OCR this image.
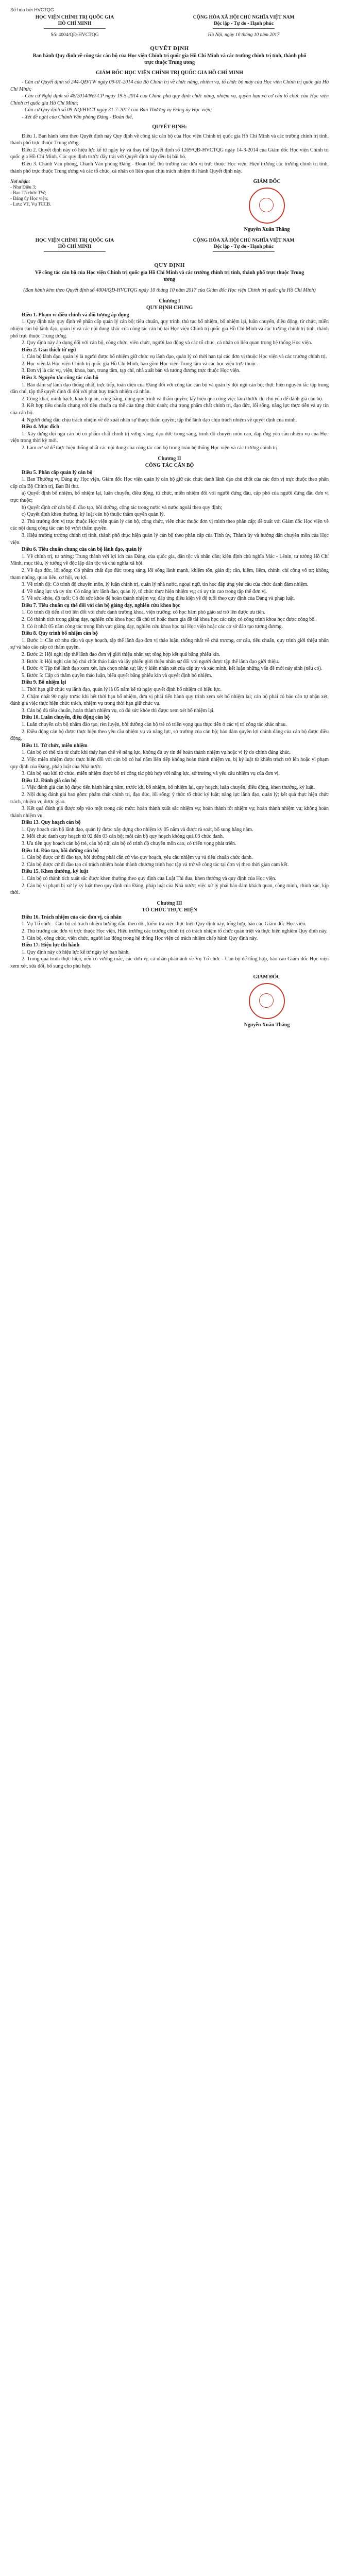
Số hóa bởi HVCTQG
HỌC VIỆN CHÍNH TRỊ QUỐC GIA
HỒ CHÍ MINH
Số: 4004/QĐ-HVCTQG
CỘNG HÒA XÃ HỘI CHỦ NGHĨA VIỆT NAM
Độc lập - Tự do - Hạnh phúc
Hà Nội, ngày 10 tháng 10 năm 2017
QUYẾT ĐỊNH
Ban hành Quy định về công tác cán bộ của Học viện Chính trị quốc gia Hồ Chí Minh và các trường chính trị tỉnh, thành phố trực thuộc Trung ương
GIÁM ĐỐC HỌC VIỆN CHÍNH TRỊ QUỐC GIA HỒ CHÍ MINH

- Căn cứ Quyết định số 244-QĐ/TW ngày 09-01-2014 của Bộ Chính trị về chức năng, nhiệm vụ, tổ chức bộ máy của Học viện Chính trị quốc gia Hồ Chí Minh;

- Căn cứ Nghị định số 48/2014/NĐ-CP ngày 19-5-2014 của Chính phủ quy định chức năng, nhiệm vụ, quyền hạn và cơ cấu tổ chức của Học viện Chính trị quốc gia Hồ Chí Minh;

- Căn cứ Quy định số 09-NQ/HVCT ngày 31-7-2017 của Ban Thường vụ Đảng ủy Học viện;

- Xét đề nghị của Chánh Văn phòng Đảng - Đoàn thể,

QUYẾT ĐỊNH:

Điều 1. Ban hành kèm theo Quyết định này Quy định về công tác cán bộ của Học viện Chính trị quốc gia Hồ Chí Minh và các trường chính trị tỉnh, thành phố trực thuộc Trung ương.

Điều 2. Quyết định này có hiệu lực kể từ ngày ký và thay thế Quyết định số 1269/QĐ-HVCTQG ngày 14-3-2014 của Giám đốc Học viện Chính trị quốc gia Hồ Chí Minh. Các quy định trước đây trái với Quyết định này đều bị bãi bỏ.

Điều 3. Chánh Văn phòng, Chánh Văn phòng Đảng - Đoàn thể, thủ trưởng các đơn vị trực thuộc Học viện, Hiệu trưởng các trường chính trị tỉnh, thành phố trực thuộc Trung ương và các tổ chức, cá nhân có liên quan chịu trách nhiệm thi hành Quyết định này.

Nơi nhận:
- Như Điều 3;
- Ban Tổ chức TW;
- Đảng ủy Học viện;
- Lưu: VT, Vụ TCCB.
GIÁM ĐỐC
Nguyễn Xuân Thắng
HỌC VIỆN CHÍNH TRỊ QUỐC GIA
HỒ CHÍ MINH
CỘNG HÒA XÃ HỘI CHỦ NGHĨA VIỆT NAM
Độc lập - Tự do - Hạnh phúc
QUY ĐỊNH
Về công tác cán bộ của Học viện Chính trị quốc gia Hồ Chí Minh và các trường chính trị tỉnh, thành phố trực thuộc Trung ương

(Ban hành kèm theo Quyết định số 4004/QĐ-HVCTQG ngày 10 tháng 10 năm 2017 của Giám đốc Học viện Chính trị quốc gia Hồ Chí Minh)

Chương I
QUY ĐỊNH CHUNG

Điều 1. Phạm vi điều chỉnh và đối tượng áp dụng

1. Quy định này quy định về phân cấp quản lý cán bộ; tiêu chuẩn, quy trình, thủ tục bổ nhiệm, bổ nhiệm lại, luân chuyển, điều động, từ chức, miễn nhiệm cán bộ lãnh đạo, quản lý và các nội dung khác của công tác cán bộ tại Học viện Chính trị quốc gia Hồ Chí Minh và các trường chính trị tỉnh, thành phố trực thuộc Trung ương.

2. Quy định này áp dụng đối với cán bộ, công chức, viên chức, người lao động và các tổ chức, cá nhân có liên quan trong hệ thống Học viện.

Điều 2. Giải thích từ ngữ

1. Cán bộ lãnh đạo, quản lý là người được bổ nhiệm giữ chức vụ lãnh đạo, quản lý có thời hạn tại các đơn vị thuộc Học viện và các trường chính trị.

2. Học viện là Học viện Chính trị quốc gia Hồ Chí Minh, bao gồm Học viện Trung tâm và các học viện trực thuộc.

3. Đơn vị là các vụ, viện, khoa, ban, trung tâm, tạp chí, nhà xuất bản và tương đương trực thuộc Học viện.

Điều 3. Nguyên tắc công tác cán bộ

1. Bảo đảm sự lãnh đạo thống nhất, trực tiếp, toàn diện của Đảng đối với công tác cán bộ và quản lý đội ngũ cán bộ; thực hiện nguyên tắc tập trung dân chủ, tập thể quyết định đi đôi với phát huy trách nhiệm cá nhân.

2. Công khai, minh bạch, khách quan, công bằng, đúng quy trình và thẩm quyền; lấy hiệu quả công việc làm thước đo chủ yếu để đánh giá cán bộ.

3. Kết hợp tiêu chuẩn chung với tiêu chuẩn cụ thể của từng chức danh; chú trọng phẩm chất chính trị, đạo đức, lối sống, năng lực thực tiễn và uy tín của cán bộ.

4. Người đứng đầu chịu trách nhiệm về đề xuất nhân sự thuộc thẩm quyền; tập thể lãnh đạo chịu trách nhiệm về quyết định của mình.

Điều 4. Mục đích

1. Xây dựng đội ngũ cán bộ có phẩm chất chính trị vững vàng, đạo đức trong sáng, trình độ chuyên môn cao, đáp ứng yêu cầu nhiệm vụ của Học viện trong thời kỳ mới.

2. Làm cơ sở để thực hiện thống nhất các nội dung của công tác cán bộ trong toàn hệ thống Học viện và các trường chính trị.

Chương II
CÔNG TÁC CÁN BỘ

Điều 5. Phân cấp quản lý cán bộ

1. Ban Thường vụ Đảng ủy Học viện, Giám đốc Học viện quản lý cán bộ giữ các chức danh lãnh đạo chủ chốt của các đơn vị trực thuộc theo phân cấp của Bộ Chính trị, Ban Bí thư.

a) Quyết định bổ nhiệm, bổ nhiệm lại, luân chuyển, điều động, từ chức, miễn nhiệm đối với người đứng đầu, cấp phó của người đứng đầu đơn vị trực thuộc;

b) Quyết định cử cán bộ đi đào tạo, bồi dưỡng, công tác trong nước và nước ngoài theo quy định;

c) Quyết định khen thưởng, kỷ luật cán bộ thuộc thẩm quyền quản lý.

2. Thủ trưởng đơn vị trực thuộc Học viện quản lý cán bộ, công chức, viên chức thuộc đơn vị mình theo phân cấp; đề xuất với Giám đốc Học viện về các nội dung công tác cán bộ vượt thẩm quyền.

3. Hiệu trưởng trường chính trị tỉnh, thành phố thực hiện quản lý cán bộ theo phân cấp của Tỉnh ủy, Thành ủy và hướng dẫn chuyên môn của Học viện.

Điều 6. Tiêu chuẩn chung của cán bộ lãnh đạo, quản lý

1. Về chính trị, tư tưởng: Trung thành với lợi ích của Đảng, của quốc gia, dân tộc và nhân dân; kiên định chủ nghĩa Mác - Lênin, tư tưởng Hồ Chí Minh, mục tiêu, lý tưởng về độc lập dân tộc và chủ nghĩa xã hội.

2. Về đạo đức, lối sống: Có phẩm chất đạo đức trong sáng, lối sống lành mạnh, khiêm tốn, giản dị; cần, kiệm, liêm, chính, chí công vô tư; không tham nhũng, quan liêu, cơ hội, vụ lợi.

3. Về trình độ: Có trình độ chuyên môn, lý luận chính trị, quản lý nhà nước, ngoại ngữ, tin học đáp ứng yêu cầu của chức danh đảm nhiệm.

4. Về năng lực và uy tín: Có năng lực lãnh đạo, quản lý, tổ chức thực hiện nhiệm vụ; có uy tín cao trong tập thể đơn vị.

5. Về sức khỏe, độ tuổi: Có đủ sức khỏe để hoàn thành nhiệm vụ; đáp ứng điều kiện về độ tuổi theo quy định của Đảng và pháp luật.

Điều 7. Tiêu chuẩn cụ thể đối với cán bộ giảng dạy, nghiên cứu khoa học

1. Có trình độ tiến sĩ trở lên đối với chức danh trưởng khoa, viện trưởng; có học hàm phó giáo sư trở lên được ưu tiên.

2. Có thành tích trong giảng dạy, nghiên cứu khoa học; đã chủ trì hoặc tham gia đề tài khoa học các cấp; có công trình khoa học được công bố.

3. Có ít nhất 05 năm công tác trong lĩnh vực giảng dạy, nghiên cứu khoa học tại Học viện hoặc các cơ sở đào tạo tương đương.

Điều 8. Quy trình bổ nhiệm cán bộ

1. Bước 1: Căn cứ nhu cầu và quy hoạch, tập thể lãnh đạo đơn vị thảo luận, thống nhất về chủ trương, cơ cấu, tiêu chuẩn, quy trình giới thiệu nhân sự và báo cáo cấp có thẩm quyền.

2. Bước 2: Hội nghị tập thể lãnh đạo đơn vị giới thiệu nhân sự; tổng hợp kết quả bằng phiếu kín.

3. Bước 3: Hội nghị cán bộ chủ chốt thảo luận và lấy phiếu giới thiệu nhân sự đối với người được tập thể lãnh đạo giới thiệu.

4. Bước 4: Tập thể lãnh đạo xem xét, lựa chọn nhân sự; lấy ý kiến nhận xét của cấp ủy và xác minh, kết luận những vấn đề mới nảy sinh (nếu có).

5. Bước 5: Cấp có thẩm quyền thảo luận, biểu quyết bằng phiếu kín và quyết định bổ nhiệm.

Điều 9. Bổ nhiệm lại

1. Thời hạn giữ chức vụ lãnh đạo, quản lý là 05 năm kể từ ngày quyết định bổ nhiệm có hiệu lực.

2. Chậm nhất 90 ngày trước khi hết thời hạn bổ nhiệm, đơn vị phải tiến hành quy trình xem xét bổ nhiệm lại; cán bộ phải có báo cáo tự nhận xét, đánh giá việc thực hiện chức trách, nhiệm vụ trong thời hạn giữ chức vụ.

3. Cán bộ đủ tiêu chuẩn, hoàn thành nhiệm vụ, có đủ sức khỏe thì được xem xét bổ nhiệm lại.

Điều 10. Luân chuyển, điều động cán bộ

1. Luân chuyển cán bộ nhằm đào tạo, rèn luyện, bồi dưỡng cán bộ trẻ có triển vọng qua thực tiễn ở các vị trí công tác khác nhau.

2. Điều động cán bộ được thực hiện theo yêu cầu nhiệm vụ và năng lực, sở trường của cán bộ; bảo đảm quyền lợi chính đáng của cán bộ được điều động.

Điều 11. Từ chức, miễn nhiệm

1. Cán bộ có thể xin từ chức khi thấy hạn chế về năng lực, không đủ uy tín để hoàn thành nhiệm vụ hoặc vì lý do chính đáng khác.

2. Việc miễn nhiệm được thực hiện đối với cán bộ có hai năm liên tiếp không hoàn thành nhiệm vụ, bị kỷ luật từ khiển trách trở lên hoặc vi phạm quy định của Đảng, pháp luật của Nhà nước.

3. Cán bộ sau khi từ chức, miễn nhiệm được bố trí công tác phù hợp với năng lực, sở trường và yêu cầu nhiệm vụ của đơn vị.

Điều 12. Đánh giá cán bộ

1. Việc đánh giá cán bộ được tiến hành hằng năm, trước khi bổ nhiệm, bổ nhiệm lại, quy hoạch, luân chuyển, điều động, khen thưởng, kỷ luật.

2. Nội dung đánh giá bao gồm: phẩm chất chính trị, đạo đức, lối sống; ý thức tổ chức kỷ luật; năng lực lãnh đạo, quản lý; kết quả thực hiện chức trách, nhiệm vụ được giao.

3. Kết quả đánh giá được xếp vào một trong các mức: hoàn thành xuất sắc nhiệm vụ; hoàn thành tốt nhiệm vụ; hoàn thành nhiệm vụ; không hoàn thành nhiệm vụ.

Điều 13. Quy hoạch cán bộ

1. Quy hoạch cán bộ lãnh đạo, quản lý được xây dựng cho nhiệm kỳ 05 năm và được rà soát, bổ sung hằng năm.

2. Mỗi chức danh quy hoạch từ 02 đến 03 cán bộ; mỗi cán bộ quy hoạch không quá 03 chức danh.

3. Ưu tiên quy hoạch cán bộ trẻ, cán bộ nữ, cán bộ có trình độ chuyên môn cao, có triển vọng phát triển.

Điều 14. Đào tạo, bồi dưỡng cán bộ

1. Cán bộ được cử đi đào tạo, bồi dưỡng phải căn cứ vào quy hoạch, yêu cầu nhiệm vụ và tiêu chuẩn chức danh.

2. Cán bộ được cử đi đào tạo có trách nhiệm hoàn thành chương trình học tập và trở về công tác tại đơn vị theo thời gian cam kết.

Điều 15. Khen thưởng, kỷ luật

1. Cán bộ có thành tích xuất sắc được khen thưởng theo quy định của Luật Thi đua, khen thưởng và quy định của Học viện.

2. Cán bộ vi phạm bị xử lý kỷ luật theo quy định của Đảng, pháp luật của Nhà nước; việc xử lý phải bảo đảm khách quan, công minh, chính xác, kịp thời.

Chương III
TỔ CHỨC THỰC HIỆN

Điều 16. Trách nhiệm của các đơn vị, cá nhân

1. Vụ Tổ chức - Cán bộ có trách nhiệm hướng dẫn, theo dõi, kiểm tra việc thực hiện Quy định này; tổng hợp, báo cáo Giám đốc Học viện.

2. Thủ trưởng các đơn vị trực thuộc Học viện, Hiệu trưởng các trường chính trị có trách nhiệm tổ chức quán triệt và thực hiện nghiêm Quy định này.

3. Cán bộ, công chức, viên chức, người lao động trong hệ thống Học viện có trách nhiệm chấp hành Quy định này.

Điều 17. Hiệu lực thi hành

1. Quy định này có hiệu lực kể từ ngày ký ban hành.

2. Trong quá trình thực hiện, nếu có vướng mắc, các đơn vị, cá nhân phản ánh về Vụ Tổ chức - Cán bộ để tổng hợp, báo cáo Giám đốc Học viện xem xét, sửa đổi, bổ sung cho phù hợp.

GIÁM ĐỐC
Nguyễn Xuân Thắng
